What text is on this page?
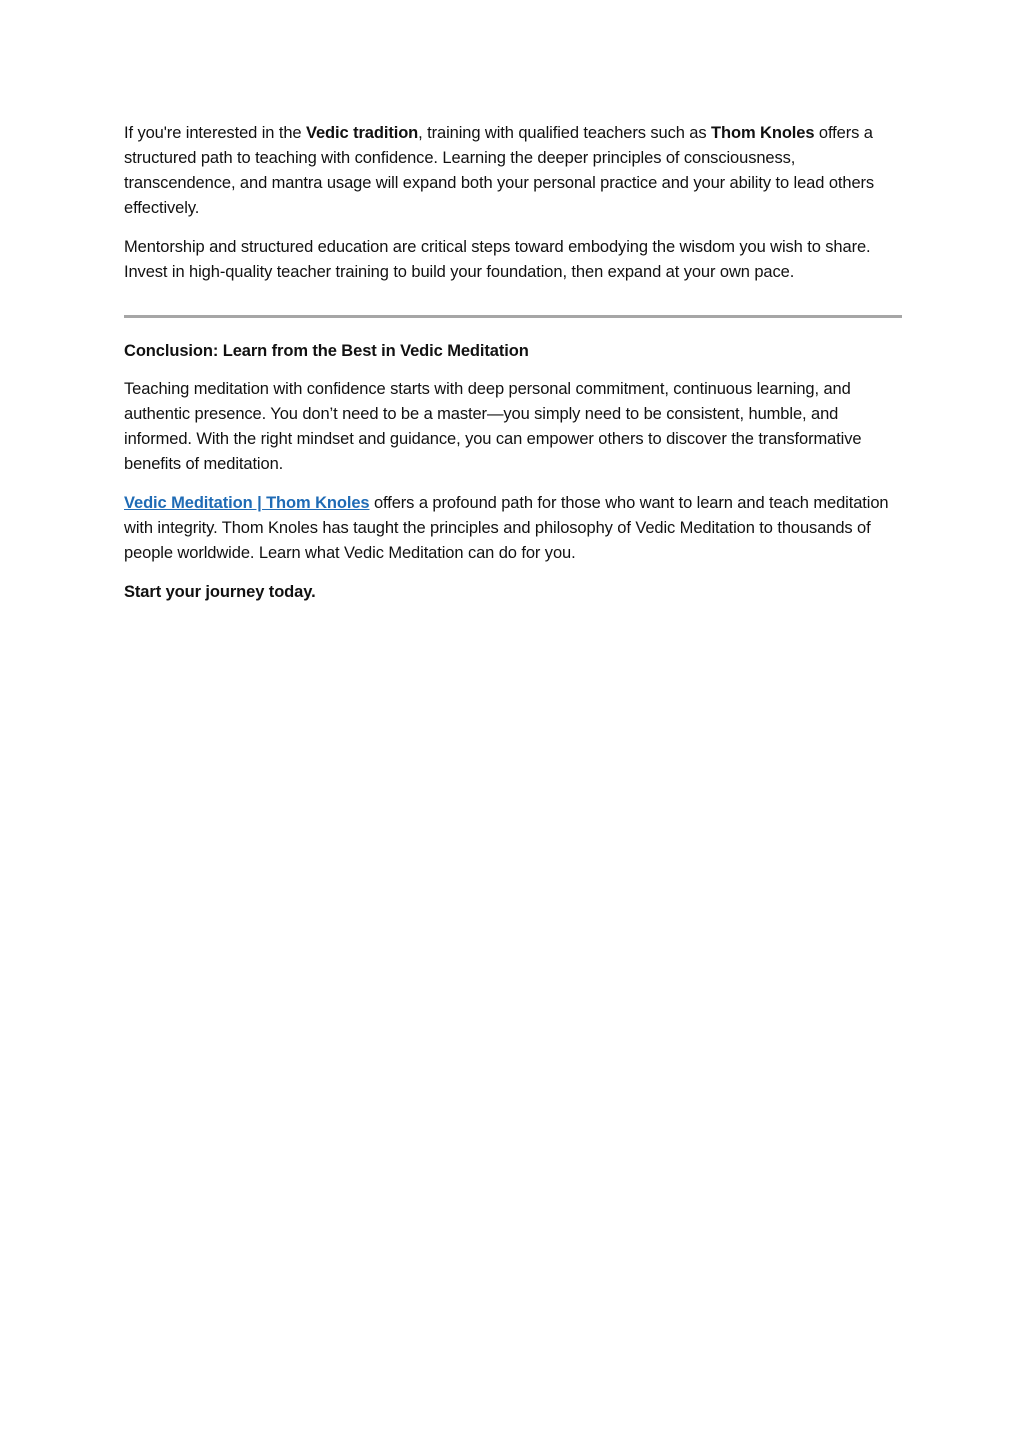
If you're interested in the Vedic tradition, training with qualified teachers such as Thom Knoles offers a structured path to teaching with confidence. Learning the deeper principles of consciousness, transcendence, and mantra usage will expand both your personal practice and your ability to lead others effectively.

Mentorship and structured education are critical steps toward embodying the wisdom you wish to share. Invest in high-quality teacher training to build your foundation, then expand at your own pace.

Conclusion: Learn from the Best in Vedic Meditation

Teaching meditation with confidence starts with deep personal commitment, continuous learning, and authentic presence. You don’t need to be a master—you simply need to be consistent, humble, and informed. With the right mindset and guidance, you can empower others to discover the transformative benefits of meditation.

Vedic Meditation | Thom Knoles offers a profound path for those who want to learn and teach meditation with integrity. Thom Knoles has taught the principles and philosophy of Vedic Meditation to thousands of people worldwide. Learn what Vedic Meditation can do for you.

Start your journey today.
